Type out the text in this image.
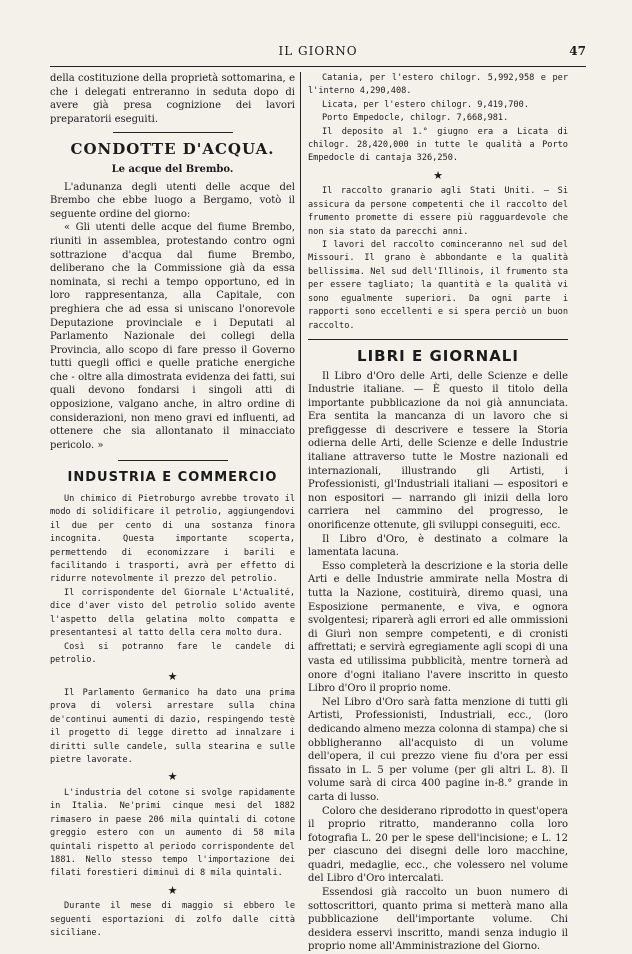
IL GIORNO	47

della costituzione della proprietà sottomarina, e che i delegati entreranno in seduta dopo di avere già presa cognizione dei lavori preparatorii eseguiti.

CONDOTTE D'ACQUA.
Le acque del Brembo.

L'adunanza degli utenti delle acque del Brembo che ebbe luogo a Bergamo, votò il seguente ordine del giorno:

« Gli utenti delle acque del fiume Brembo, riuniti in assemblea, protestando contro ogni sottrazione d'acqua dal fiume Brembo, deliberano che la Commissione già da essa nominata, si rechi a tempo opportuno, ed in loro rappresentanza, alla Capitale, con preghiera che ad essa si uniscano l'onorevole Deputazione provinciale e i Deputati al Parlamento Nazionale dei collegi della Provincia, allo scopo di fare presso il Governo tutti quegli offici e quelle pratiche energiche che - oltre alla dimostrata evidenza dei fatti, sui quali devono fondarsi i singoli atti di opposizione, valgano anche, in altro ordine di considerazioni, non meno gravi ed influenti, ad ottenere che sia allontanato il minacciato pericolo. »

INDUSTRIA E COMMERCIO

Un chimico di Pietroburgo avrebbe trovato il modo di solidificare il petrolio, aggiungendovi il due per cento di una sostanza finora incognita. Questa importante scoperta, permettendo di economizzare i barili e facilitando i trasporti, avrà per effetto di ridurre notevolmente il prezzo del petrolio.

Il corrispondente del Giornale L'Actualité, dice d'aver visto del petrolio solido avente l'aspetto della gelatina molto compatta e presentantesi al tatto della cera molto dura.

Così si potranno fare le candele di petrolio.

★

Il Parlamento Germanico ha dato una prima prova di volersi arrestare sulla china de'continui aumenti di dazio, respingendo testè il progetto di legge diretto ad innalzare i diritti sulle candele, sulla stearina e sulle pietre lavorate.

★

L'industria del cotone si svolge rapidamente in Italia. Ne'primi cinque mesi del 1882 rimasero in paese 206 mila quintali di cotone greggio estero con un aumento di 58 mila quintali rispetto al periodo corrispondente del 1881. Nello stesso tempo l'importazione dei filati forestieri diminuì di 8 mila quintali.

★

Durante il mese di maggio si ebbero le seguenti esportazioni di zolfo dalle città siciliane.

Catania, per l'estero chilogr. 5,992,958 e per l'interno 4,290,408.

Licata, per l'estero chilogr. 9,419,700.

Porto Empedocle, chilogr. 7,668,981.

Il deposito al 1.° giugno era a Licata di chilogr. 28,420,000 in tutte le qualità a Porto Empedocle di cantaja 326,250.

★

Il raccolto granario agli Stati Uniti. — Si assicura da persone competenti che il raccolto del frumento promette di essere più ragguardevole che non sia stato da parecchi anni.

I lavori del raccolto cominceranno nel sud del Missouri. Il grano è abbondante e la qualità bellissima. Nel sud dell'Illinois, il frumento sta per essere tagliato; la quantità e la qualità vi sono egualmente superiori. Da ogni parte i rapporti sono eccellenti e si spera perciò un buon raccolto.

LIBRI E GIORNALI

Il Libro d'Oro delle Arti, delle Scienze e delle Industrie italiane. — È questo il titolo della importante pubblicazione da noi già annunciata. Era sentita la mancanza di un lavoro che si prefiggesse di descrivere e tessere la Storia odierna delle Arti, delle Scienze e delle Industrie italiane attraverso tutte le Mostre nazionali ed internazionali, illustrando gli Artisti, i Professionisti, gl'Industriali italiani — espositori e non espositori — narrando gli inizii della loro carriera nel cammino del progresso, le onorificenze ottenute, gli sviluppi conseguiti, ecc.

Il Libro d'Oro, è destinato a colmare la lamentata lacuna.

Esso completerà la descrizione e la storia delle Arti e delle Industrie ammirate nella Mostra di tutta la Nazione, costituirà, diremo quasi, una Esposizione permanente, e viva, e ognora svolgentesi; riparerà agli errori ed alle ommissioni di Giurì non sempre competenti, e di cronisti affrettati; e servirà egregiamente agli scopi di una vasta ed utilissima pubblicità, mentre tornerà ad onore d'ogni italiano l'avere inscritto in questo Libro d'Oro il proprio nome.

Nel Libro d'Oro sarà fatta menzione di tutti gli Artisti, Professionisti, Industriali, ecc., (loro dedicando almeno mezza colonna di stampa) che si obbligheranno all'acquisto di un volume dell'opera, il cui prezzo viene fiu d'ora per essi fissato in L. 5 per volume (per gli altri L. 8). Il volume sarà di circa 400 pagine in-8.° grande in carta di lusso.

Coloro che desiderano riprodotto in quest'opera il proprio ritratto, manderanno colla loro fotografia L. 20 per le spese dell'incisione; e L. 12 per ciascuno dei disegni delle loro macchine, quadri, medaglie, ecc., che volessero nel volume del Libro d'Oro intercalati.

Essendosi già raccolto un buon numero di sottoscrittori, quanto prima si metterà mano alla pubblicazione dell'importante volume. Chi desidera esservi inscritto, mandi senza indugio il proprio nome all'Amministrazione del Giorno.
